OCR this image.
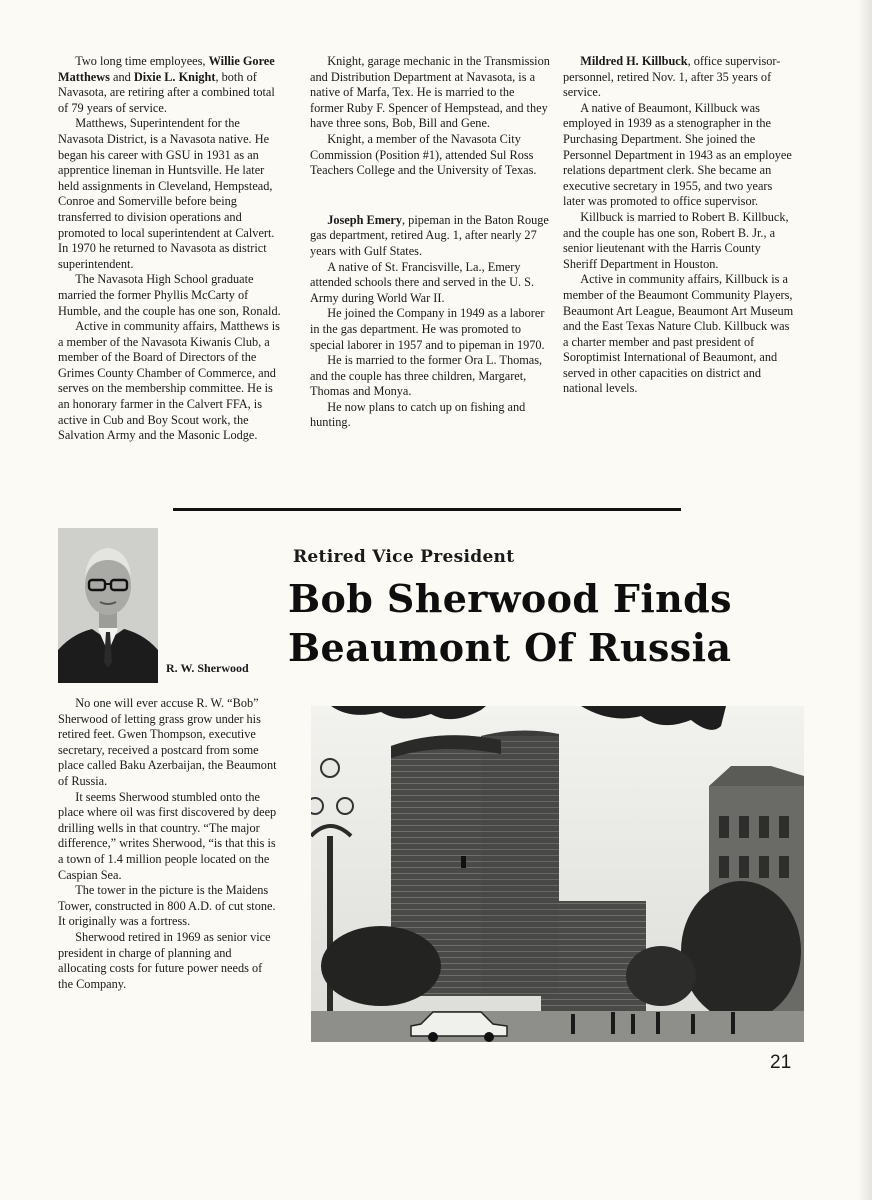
Two long time employees, Willie Goree Matthews and Dixie L. Knight, both of Navasota, are retiring after a combined total of 79 years of service.

Matthews, Superintendent for the Navasota District, is a Navasota native. He began his career with GSU in 1931 as an apprentice lineman in Huntsville. He later held assignments in Cleveland, Hempstead, Conroe and Somerville before being transferred to division operations and promoted to local superintendent at Calvert. In 1970 he returned to Navasota as district superintendent.

The Navasota High School graduate married the former Phyllis McCarty of Humble, and the couple has one son, Ronald.

Active in community affairs, Matthews is a member of the Navasota Kiwanis Club, a member of the Board of Directors of the Grimes County Chamber of Commerce, and serves on the membership committee. He is an honorary farmer in the Calvert FFA, is active in Cub and Boy Scout work, the Salvation Army and the Masonic Lodge.

Knight, garage mechanic in the Transmission and Distribution Department at Navasota, is a native of Marfa, Tex. He is married to the former Ruby F. Spencer of Hempstead, and they have three sons, Bob, Bill and Gene.

Knight, a member of the Navasota City Commission (Position #1), attended Sul Ross Teachers College and the University of Texas.

Joseph Emery, pipeman in the Baton Rouge gas department, retired Aug. 1, after nearly 27 years with Gulf States.

A native of St. Francisville, La., Emery attended schools there and served in the U. S. Army during World War II.

He joined the Company in 1949 as a laborer in the gas department. He was promoted to special laborer in 1957 and to pipeman in 1970.

He is married to the former Ora L. Thomas, and the couple has three children, Margaret, Thomas and Monya.

He now plans to catch up on fishing and hunting.

Mildred H. Killbuck, office supervisor-personnel, retired Nov. 1, after 35 years of service.

A native of Beaumont, Killbuck was employed in 1939 as a stenographer in the Purchasing Department. She joined the Personnel Department in 1943 as an employee relations department clerk. She became an executive secretary in 1955, and two years later was promoted to office supervisor.

Killbuck is married to Robert B. Killbuck, and the couple has one son, Robert B. Jr., a senior lieutenant with the Harris County Sheriff Department in Houston.

Active in community affairs, Killbuck is a member of the Beaumont Community Players, Beaumont Art League, Beaumont Art Museum and the East Texas Nature Club. Killbuck was a charter member and past president of Soroptimist International of Beaumont, and served in other capacities on district and national levels.

R. W. Sherwood
Retired Vice President
Bob Sherwood Finds
Beaumont Of Russia

No one will ever accuse R. W. “Bob” Sherwood of letting grass grow under his retired feet. Gwen Thompson, executive secretary, received a postcard from some place called Baku Azerbaijan, the Beaumont of Russia.

It seems Sherwood stumbled onto the place where oil was first discovered by deep drilling wells in that country. “The major difference,” writes Sherwood, “is that this is a town of 1.4 million people located on the Caspian Sea.

The tower in the picture is the Maidens Tower, constructed in 800 A.D. of cut stone. It originally was a fortress.

Sherwood retired in 1969 as senior vice president in charge of planning and allocating costs for future power needs of the Company.

21
